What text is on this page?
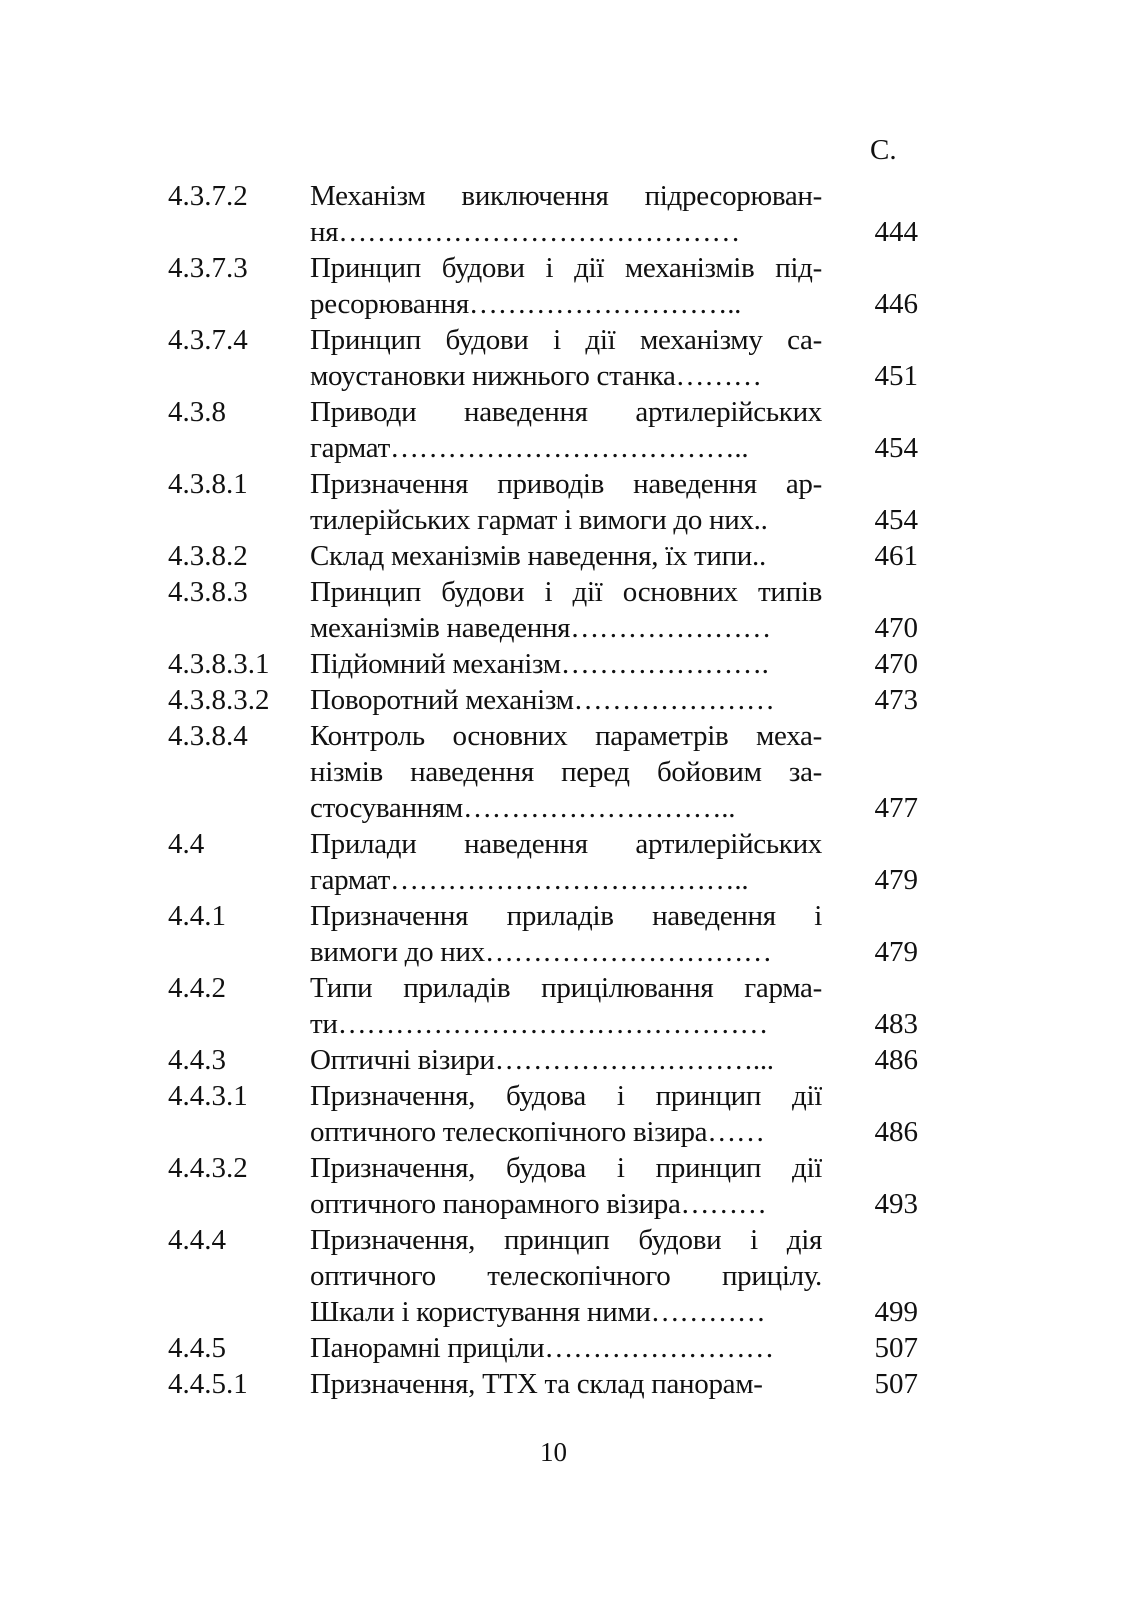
С.
4.3.7.2 Механізм виключення підресорюван-
ня……………………………………	444
4.3.7.3 Принцип будови і дії механізмів під-
ресорювання………………………..	446
4.3.7.4 Принцип будови і дії механізму са-
моустановки нижнього станка………	451
4.3.8	Приводи наведення артилерійських
гармат………………………………..	454
4.3.8.1 Призначення приводів наведення ар-
тилерійських гармат і вимоги до них..	454
4.3.8.2 Склад механізмів наведення, їх типи..	461
4.3.8.3 Принцип будови і дії основних типів
механізмів наведення…………………	470
4.3.8.3.1 Підйомний механізм………………….	470
4.3.8.3.2 Поворотний механізм…………………	473
4.3.8.4 Контроль основних параметрів меха-
нізмів наведення перед бойовим за-
стосуванням………………………..	477
4.4	Прилади наведення артилерійських
гармат………………………………..	479
4.4.1	Призначення приладів наведення і
вимоги до них…………………………	479
4.4.2	Типи приладів прицілювання гарма-
ти………………………………………	483
4.4.3	Оптичні візири………………………...	486
4.4.3.1 Призначення, будова і принцип дії
оптичного телескопічного візира……	486
4.4.3.2 Призначення, будова і принцип дії
оптичного панорамного візира………	493
4.4.4	Призначення, принцип будови і дія
оптичного телескопічного прицілу.
Шкали і користування ними…………	499
4.4.5	Панорамні приціли……………………	507
4.4.5.1 Призначення, ТТХ та склад панорам-	507
10
